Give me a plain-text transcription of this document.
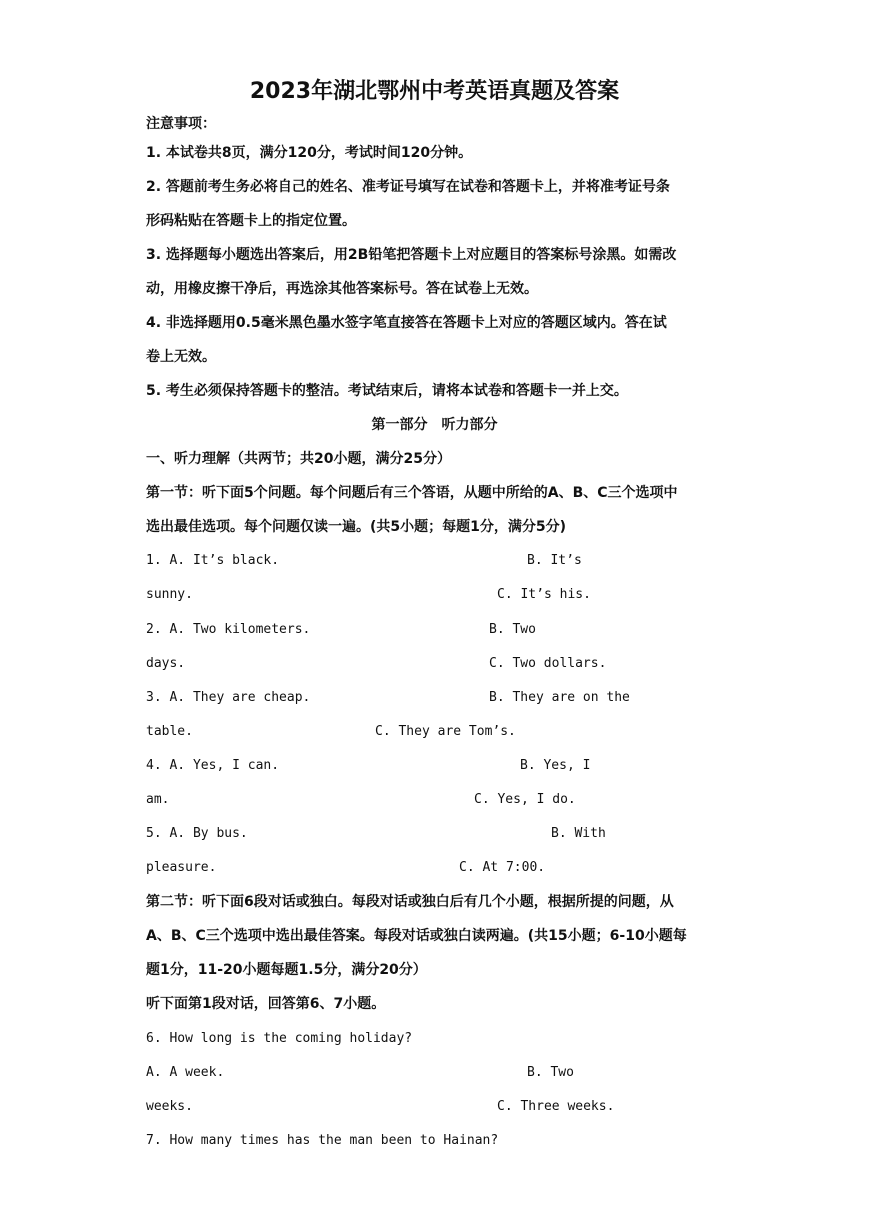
2023年湖北鄂州中考英语真题及答案
注意事项：
1. 本试卷共8页，满分120分，考试时间120分钟。
2. 答题前考生务必将自己的姓名、准考证号填写在试卷和答题卡上，并将准考证号条
形码粘贴在答题卡上的指定位置。
3. 选择题每小题选出答案后，用2B铅笔把答题卡上对应题目的答案标号涂黑。如需改
动，用橡皮擦干净后，再选涂其他答案标号。答在试卷上无效。
4. 非选择题用0.5毫米黑色墨水签字笔直接答在答题卡上对应的答题区域内。答在试
卷上无效。
5. 考生必须保持答题卡的整洁。考试结束后，请将本试卷和答题卡一并上交。
第一部分　听力部分
一、听力理解（共两节；共20小题，满分25分）
第一节：听下面5个问题。每个问题后有三个答语，从题中所给的A、B、C三个选项中
选出最佳选项。每个问题仅读一遍。(共5小题；每题1分，满分5分)
1. A. It’s black.	B. It’s
sunny.	C. It’s his.
2. A. Two kilometers.	B. Two
days.	C. Two dollars.
3. A. They are cheap.	B. They are on the
table.	C. They are Tom’s.
4. A. Yes, I can.	B. Yes, I
am.	C. Yes, I do.
5. A. By bus.	B. With
pleasure.	C. At 7:00.
第二节：听下面6段对话或独白。每段对话或独白后有几个小题，根据所提的问题，从
A、B、C三个选项中选出最佳答案。每段对话或独白读两遍。(共15小题；6-10小题每
题1分，11-20小题每题1.5分，满分20分）
听下面第1段对话，回答第6、7小题。
6. How long is the coming holiday?
A. A week.	B. Two
weeks.	C. Three weeks.
7. How many times has the man been to Hainan?
